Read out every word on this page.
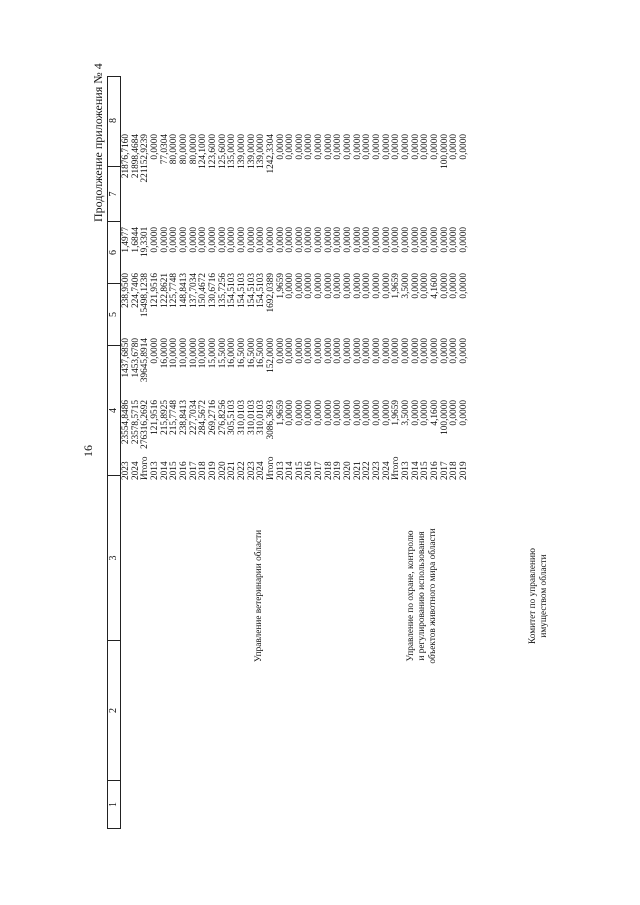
16
Продолжение приложения № 4
1
2
3
4
5
6
7
8
Управление ветеринарии области	Управление по охране, контролю и регулированию использования объектов животного мира области	Комитет по управлению имуществом области
2023 2024 Итого 2013 2014 2015 2016 2017 2018 2019 2020 2021 2022 2023 2024 Итого 2013 2014 2015 2016 2017 2018 2019 2020 2021 2022 2023 2024 Итого 2013 2014 2015 2016 2017 2018 2019
23554,8486 23578,5715 276316,2692 121,9516 215,8925 215,7748 238,8413 227,7034 284,5672 269,2716 276,8256 305,5103 310,0103 310,0103 310,0103 3086,3693 1,9659 0,0000 0,0000 0,0000 0,0000 0,0000 0,0000 0,0000 0,0000 0,0000 0,0000 0,0000 1,9659 3,5000 0,0000 0,0000 4,1600 100,0000 0,0000 0,0000
1437,6850 1453,6780 39645,8914 0,0000 16,0000 10,0000 10,0000 10,0000 10,0000 15,0000 15,5000 16,0000 16,5000 16,5000 16,5000 152,0000 0,0000 0,0000 0,0000 0,0000 0,0000 0,0000 0,0000 0,0000 0,0000 0,0000 0,0000 0,0000 0,0000 0,0000 0,0000 0,0000 0,0000 0,0000 0,0000 0,0000
238,9500 224,7406 15498,1238 121,9516 122,8621 125,7748 148,8413 137,7034 150,4672 130,6716 135,7256 154,5103 154,5103 154,5103 154,5103 1692,0389 1,9659 0,0000 0,0000 0,0000 0,0000 0,0000 0,0000 0,0000 0,0000 0,0000 0,0000 0,0000 1,9659 3,5000 0,0000 0,0000 4,1600 0,0000 0,0000 0,0000
1,4977 1,6844 19,3301 0,0000 0,0000 0,0000 0,0000 0,0000 0,0000 0,0000 0,0000 0,0000 0,0000 0,0000 0,0000 0,0000 0,0000 0,0000 0,0000 0,0000 0,0000 0,0000 0,0000 0,0000 0,0000 0,0000 0,0000 0,0000 0,0000 0,0000 0,0000 0,0000 0,0000 0,0000 0,0000 0,0000
21876,7160 21898,4684 221152,9239 0,0000 77,0304 80,0000 80,0000 80,0000 124,1000 123,6000 125,6000 135,0000 139,0000 139,0000 139,0000 1242,3304 0,0000 0,0000 0,0000 0,0000 0,0000 0,0000 0,0000 0,0000 0,0000 0,0000 0,0000 0,0000 0,0000 0,0000 0,0000 0,0000 0,0000 100,0000 0,0000 0,0000
